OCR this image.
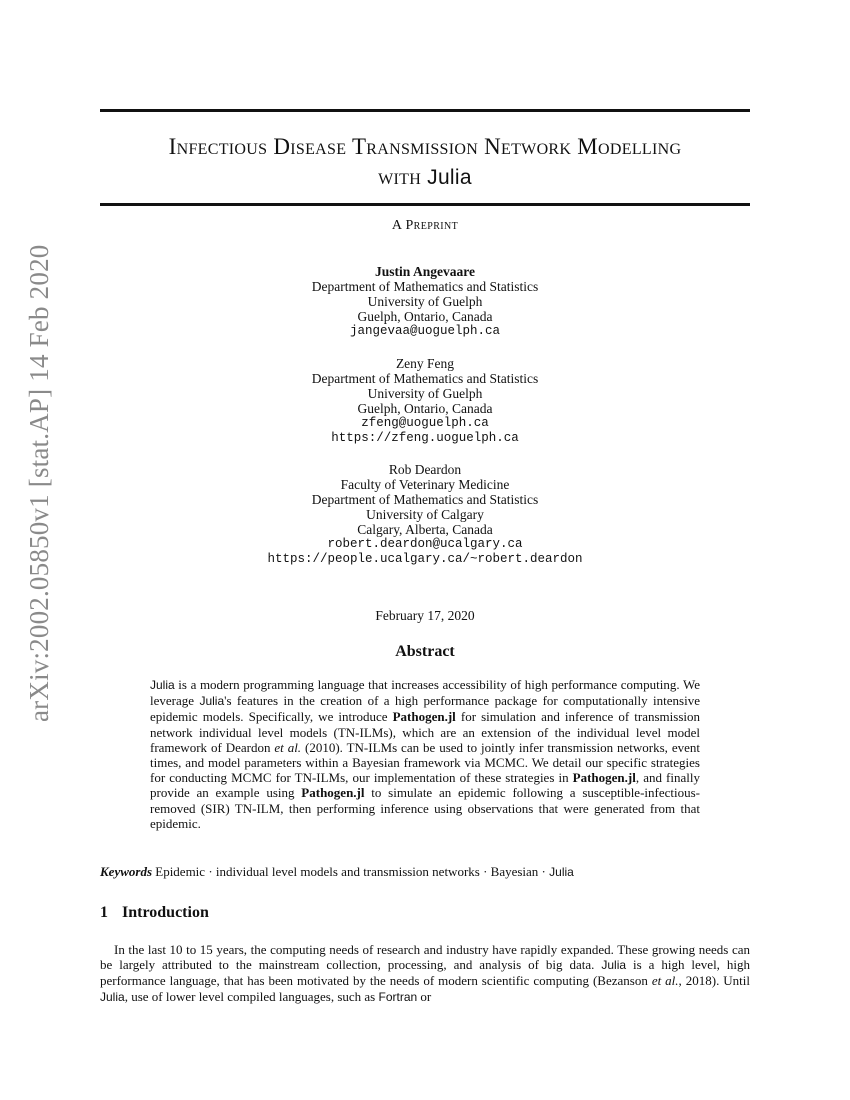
arXiv:2002.05850v1 [stat.AP] 14 Feb 2020
Infectious Disease Transmission Network Modelling
with Julia
A Preprint
Justin Angevaare
Department of Mathematics and Statistics
University of Guelph
Guelph, Ontario, Canada
jangevaa@uoguelph.ca
Zeny Feng
Department of Mathematics and Statistics
University of Guelph
Guelph, Ontario, Canada
zfeng@uoguelph.ca
https://zfeng.uoguelph.ca
Rob Deardon
Faculty of Veterinary Medicine
Department of Mathematics and Statistics
University of Calgary
Calgary, Alberta, Canada
robert.deardon@ucalgary.ca
https://people.ucalgary.ca/~robert.deardon
February 17, 2020
Abstract
Julia is a modern programming language that increases accessibility of high performance computing. We leverage Julia's features in the creation of a high performance package for computationally intensive epidemic models. Specifically, we introduce Pathogen.jl for simulation and inference of transmission network individual level models (TN-ILMs), which are an extension of the individual level model framework of Deardon et al. (2010). TN-ILMs can be used to jointly infer transmission networks, event times, and model parameters within a Bayesian framework via MCMC. We detail our specific strategies for conducting MCMC for TN-ILMs, our implementation of these strategies in Pathogen.jl, and finally provide an example using Pathogen.jl to simulate an epidemic following a susceptible-infectious-removed (SIR) TN-ILM, then performing inference using observations that were generated from that epidemic.
Keywords Epidemic · individual level models and transmission networks · Bayesian · Julia
1 Introduction
In the last 10 to 15 years, the computing needs of research and industry have rapidly expanded. These growing needs can be largely attributed to the mainstream collection, processing, and analysis of big data. Julia is a high level, high performance language, that has been motivated by the needs of modern scientific computing (Bezanson et al., 2018). Until Julia, use of lower level compiled languages, such as Fortran or
